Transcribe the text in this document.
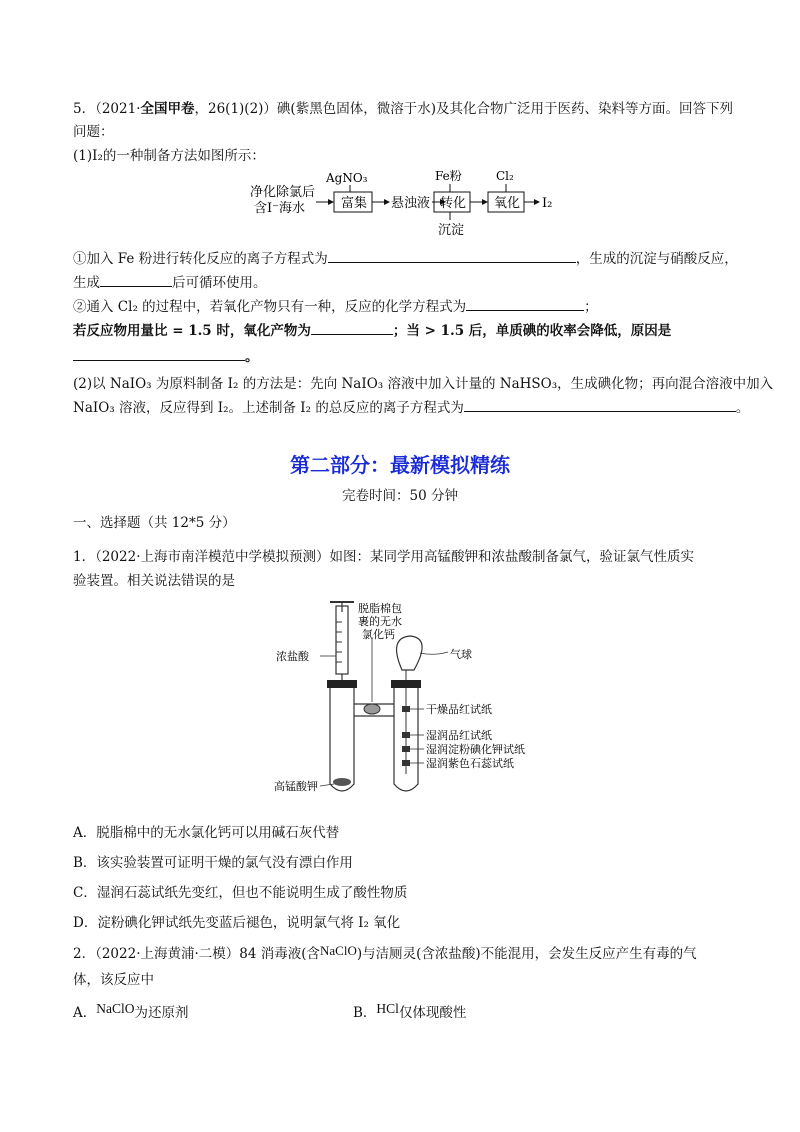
5．（2021·全国甲卷，26(1)(2)）碘(紫黑色固体，微溶于水)及其化合物广泛用于医药、染料等方面。回答下列
问题：
(1)I₂的一种制备方法如图所示：
净化除氯后
含I⁻海水
AgNO₃
富集 悬浊液
Fe粉
转化
沉淀
Cl₂
氧化 I₂
①加入 Fe 粉进行转化反应的离子方程式为	，生成的沉淀与硝酸反应，
生成	后可循环使用。
②通入 Cl₂ 的过程中，若氧化产物只有一种，反应的化学方程式为	；
若反应物用量比 = 1.5 时，氧化产物为	；当 > 1.5 后，单质碘的收率会降低，原因是
。
(2)以 NaIO₃ 为原料制备 I₂ 的方法是：先向 NaIO₃ 溶液中加入计量的 NaHSO₃，生成碘化物；再向混合溶液中加入
NaIO₃ 溶液，反应得到 I₂。上述制备 I₂ 的总反应的离子方程式为	。
第二部分：最新模拟精练
完卷时间：50 分钟
一、选择题（共 12*5 分）
1．（2022·上海市南洋模范中学模拟预测）如图：某同学用高锰酸钾和浓盐酸制备氯气，验证氯气性质实
验装置。相关说法错误的是
脱脂棉包
裹的无水
氯化钙
浓盐酸	气球
干燥品红试纸
湿润品红试纸
湿润淀粉碘化钾试纸
湿润紫色石蕊试纸
高锰酸钾
A．脱脂棉中的无水氯化钙可以用碱石灰代替
B．该实验装置可证明干燥的氯气没有漂白作用
C．湿润石蕊试纸先变红，但也不能说明生成了酸性物质
D．淀粉碘化钾试纸先变蓝后褪色，说明氯气将 I₂ 氧化
2．（2022·上海黄浦·二模）84 消毒液(含NaClO)与洁厕灵(含浓盐酸)不能混用，会发生反应产生有毒的气
体，该反应中
A．NaClO为还原剂	B．HCl仅体现酸性
